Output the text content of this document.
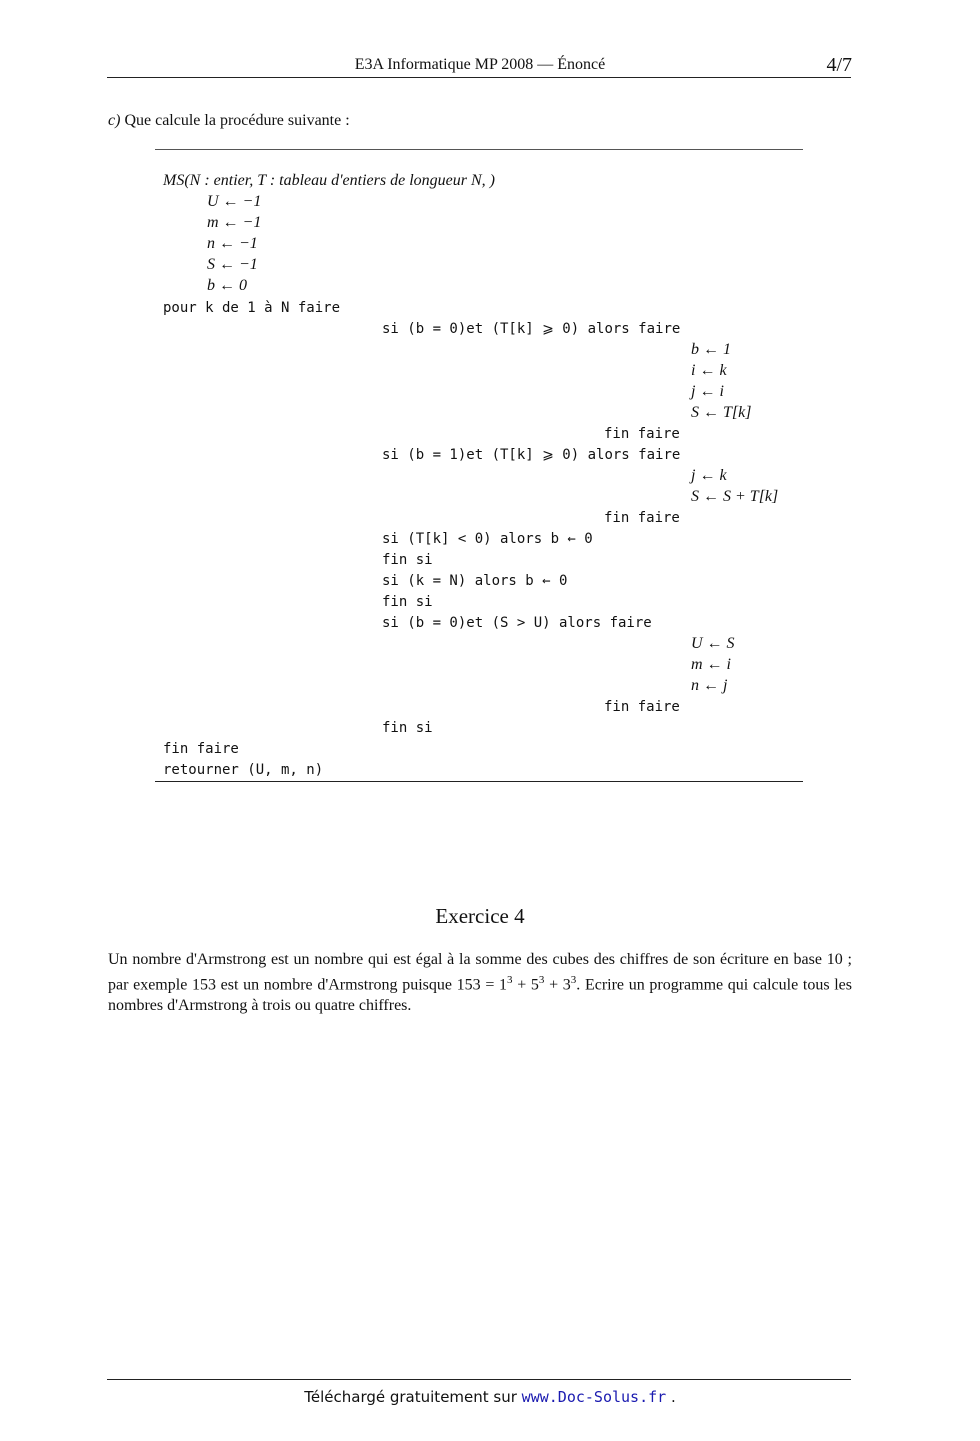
E3A Informatique MP 2008 — Énoncé	4/7
c) Que calcule la procédure suivante :
MS(N : entier, T : tableau d'entiers de longueur N, )
U ← −1
m ← −1
n ← −1
S ← −1
b ← 0
pour k de 1 à N faire
si (b = 0)et (T[k] ⩾ 0) alors faire
b ← 1
i ← k
j ← i
S ← T[k]
fin faire
si (b = 1)et (T[k] ⩾ 0) alors faire
j ← k
S ← S + T[k]
fin faire
si (T[k] < 0) alors b ← 0
fin si
si (k = N) alors b ← 0
fin si
si (b = 0)et (S > U) alors faire
U ← S
m ← i
n ← j
fin faire
fin si
fin faire
retourner (U, m, n)
Exercice 4
Un nombre d'Armstrong est un nombre qui est égal à la somme des cubes des chiffres de son écriture en base 10 ; par exemple 153 est un nombre d'Armstrong puisque $153 = 1^3 + 5^3 + 3^3$. Ecrire un programme qui calcule tous les nombres d'Armstrong à trois ou quatre chiffres.
Téléchargé gratuitement sur www.Doc-Solus.fr .
